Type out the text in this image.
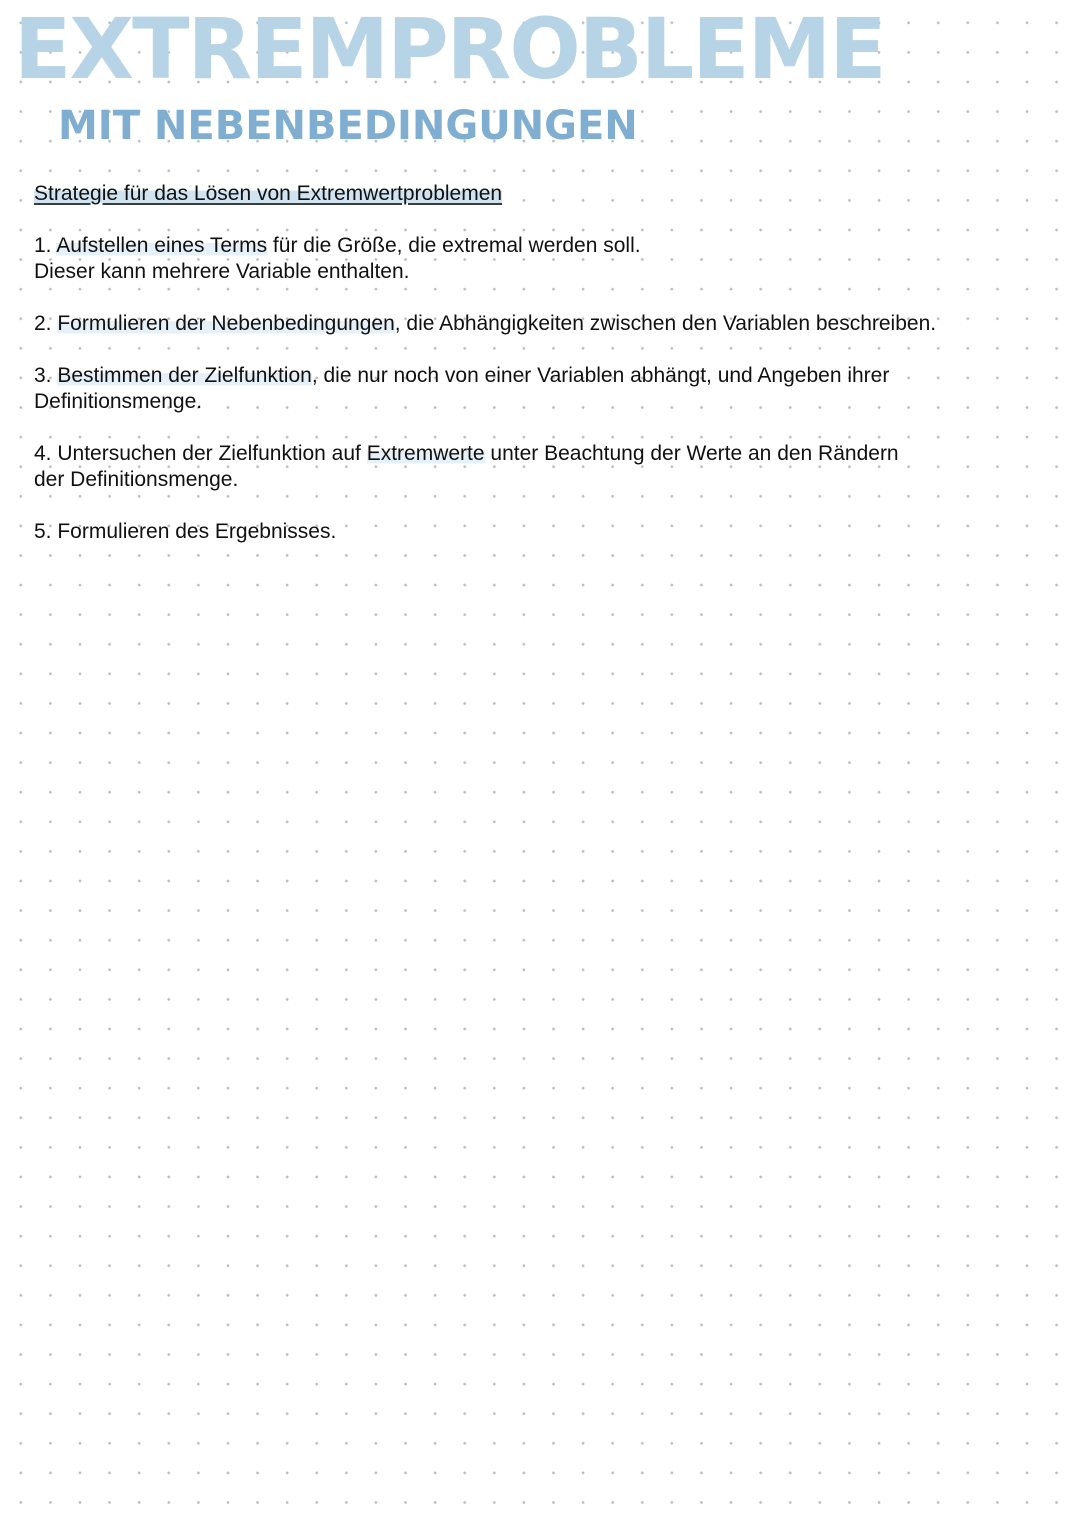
EXTREMPROBLEME
MIT NEBENBEDINGUNGEN

Strategie für das Lösen von Extremwertproblemen

1. Aufstellen eines Terms für die Größe, die extremal werden soll.
Dieser kann mehrere Variable enthalten.
2. Formulieren der Nebenbedingungen, die Abhängigkeiten zwischen den Variablen beschreiben.
3. Bestimmen der Zielfunktion, die nur noch von einer Variablen abhängt, und Angeben ihrer
Definitionsmenge.
4. Untersuchen der Zielfunktion auf Extremwerte unter Beachtung der Werte an den Rändern
der Definitionsmenge.
5. Formulieren des Ergebnisses.
